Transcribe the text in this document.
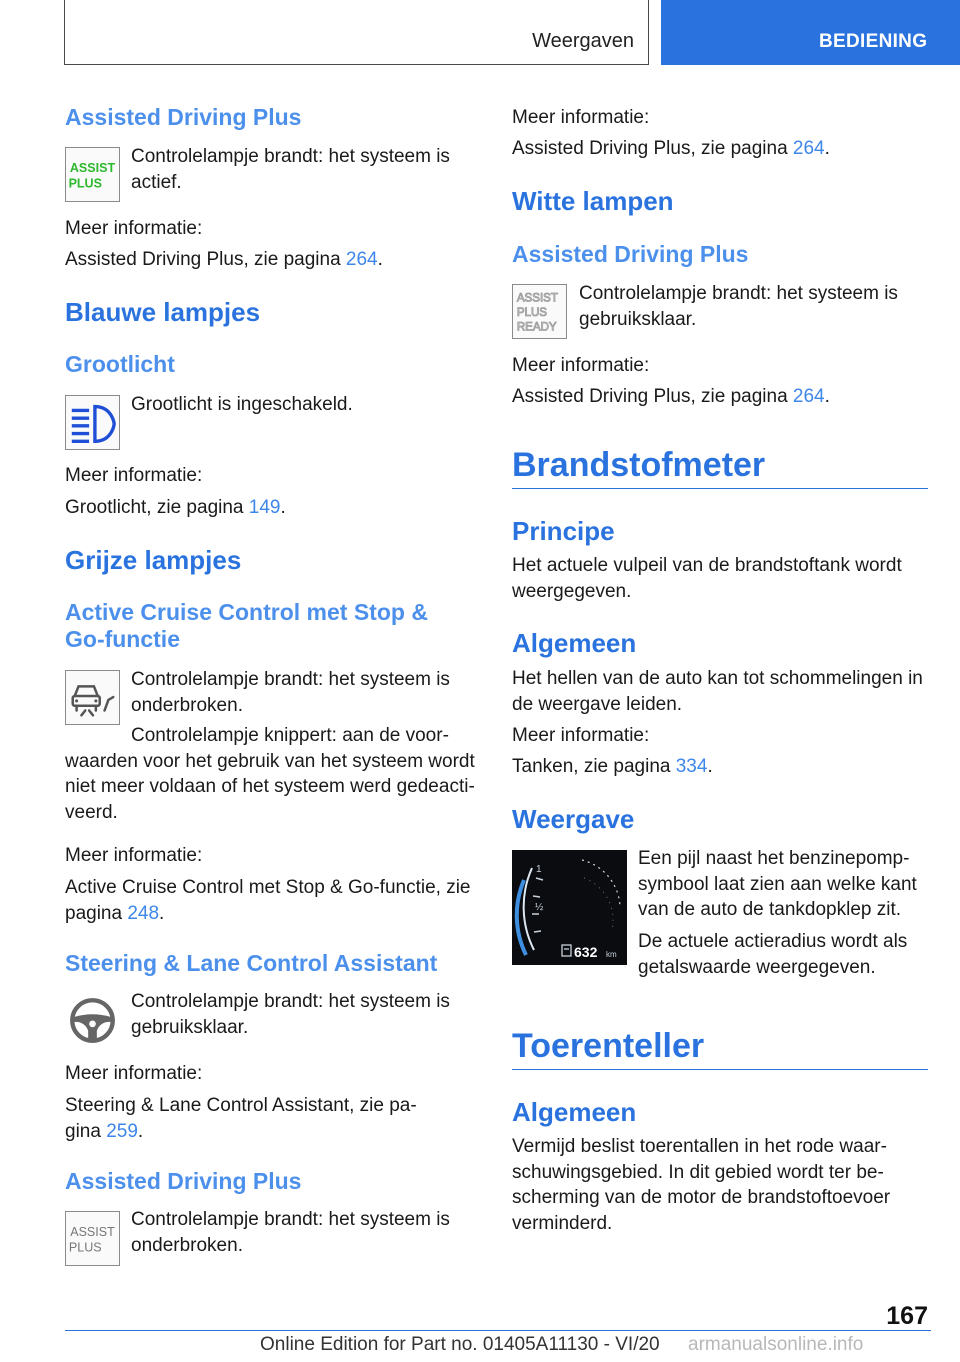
Weergaven	BEDIENING
Assisted Driving Plus
ASSIST
PLUS
Controlelampje brandt: het systeem is actief.
Meer informatie:
Assisted Driving Plus, zie pagina 264.
Blauwe lampjes
Grootlicht
Grootlicht is ingeschakeld.
Meer informatie:
Grootlicht, zie pagina 149.
Grijze lampjes
Active Cruise Control met Stop &
Go-functie
Controlelampje brandt: het systeem is
onderbroken.
Controlelampje knippert: aan de voor-
waarden voor het gebruik van het systeem wordt
niet meer voldaan of het systeem werd gedeacti-
veerd.
Meer informatie:
Active Cruise Control met Stop & Go-functie, zie
pagina 248.
Steering & Lane Control Assistant
Controlelampje brandt: het systeem is
gebruiksklaar.
Meer informatie:
Steering & Lane Control Assistant, zie pa-
gina 259.
Assisted Driving Plus
ASSIST
PLUS
Controlelampje brandt: het systeem is
onderbroken.
Meer informatie:
Assisted Driving Plus, zie pagina 264.
Witte lampen
Assisted Driving Plus
ASSIST
PLUS
READY
Controlelampje brandt: het systeem is
gebruiksklaar.
Meer informatie:
Assisted Driving Plus, zie pagina 264.
Brandstofmeter
Principe
Het actuele vulpeil van de brandstoftank wordt
weergegeven.
Algemeen
Het hellen van de auto kan tot schommelingen in
de weergave leiden.
Meer informatie:
Tanken, zie pagina 334.
Weergave
1
½
632 km
Een pijl naast het benzinepomp-
symbool laat zien aan welke kant
van de auto de tankdopklep zit.
De actuele actieradius wordt als
getalswaarde weergegeven.
Toerenteller
Algemeen
Vermijd beslist toerentallen in het rode waar-
schuwingsgebied. In dit gebied wordt ter be-
scherming van de motor de brandstoftoevoer
verminderd.
167
Online Edition for Part no. 01405A11130 - VI/20 armanualsonline.info
